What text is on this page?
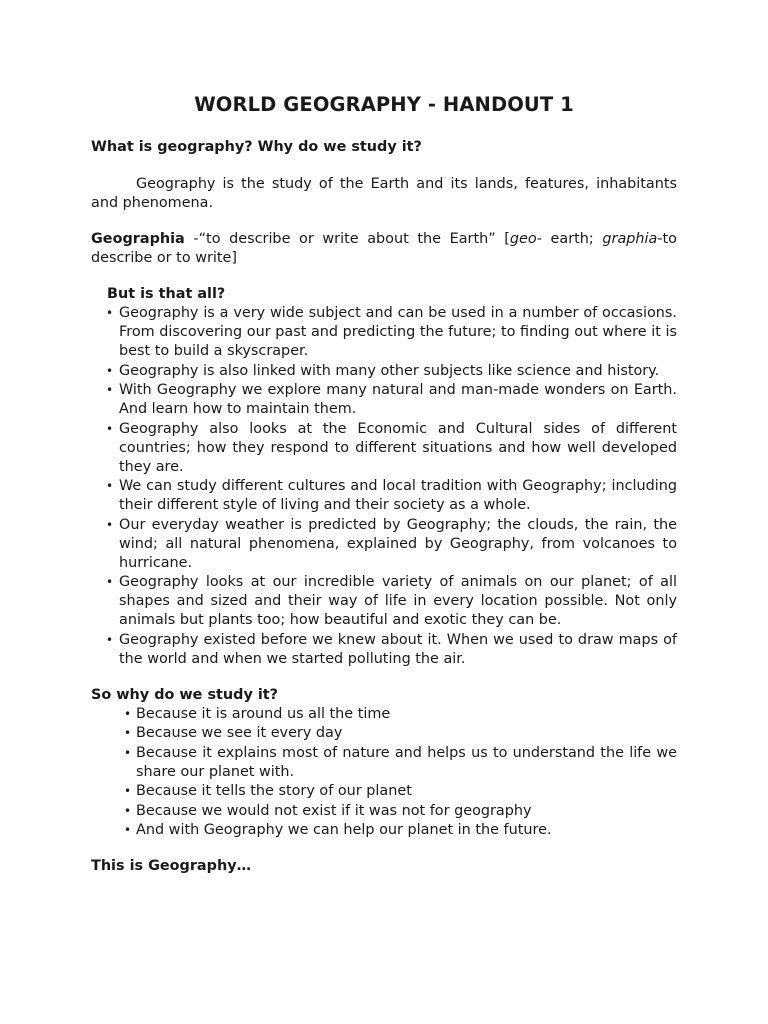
WORLD GEOGRAPHY - HANDOUT 1

What is geography? Why do we study it?

Geography is the study of the Earth and its lands, features, inhabitants and phenomena.

Geographia -“to describe or write about the Earth” [geo- earth; graphia-to describe or to write]

But is that all?

• Geography is a very wide subject and can be used in a number of occasions. From discovering our past and predicting the future; to finding out where it is best to build a skyscraper.
• Geography is also linked with many other subjects like science and history.
• With Geography we explore many natural and man-made wonders on Earth. And learn how to maintain them.
• Geography also looks at the Economic and Cultural sides of different countries; how they respond to different situations and how well developed they are.
• We can study different cultures and local tradition with Geography; including their different style of living and their society as a whole.
• Our everyday weather is predicted by Geography; the clouds, the rain, the wind; all natural phenomena, explained by Geography, from volcanoes to hurricane.
• Geography looks at our incredible variety of animals on our planet; of all shapes and sized and their way of life in every location possible. Not only animals but plants too; how beautiful and exotic they can be.
• Geography existed before we knew about it. When we used to draw maps of the world and when we started polluting the air.

So why do we study it?

• Because it is around us all the time
• Because we see it every day
• Because it explains most of nature and helps us to understand the life we share our planet with.
• Because it tells the story of our planet
• Because we would not exist if it was not for geography
• And with Geography we can help our planet in the future.

This is Geography…
